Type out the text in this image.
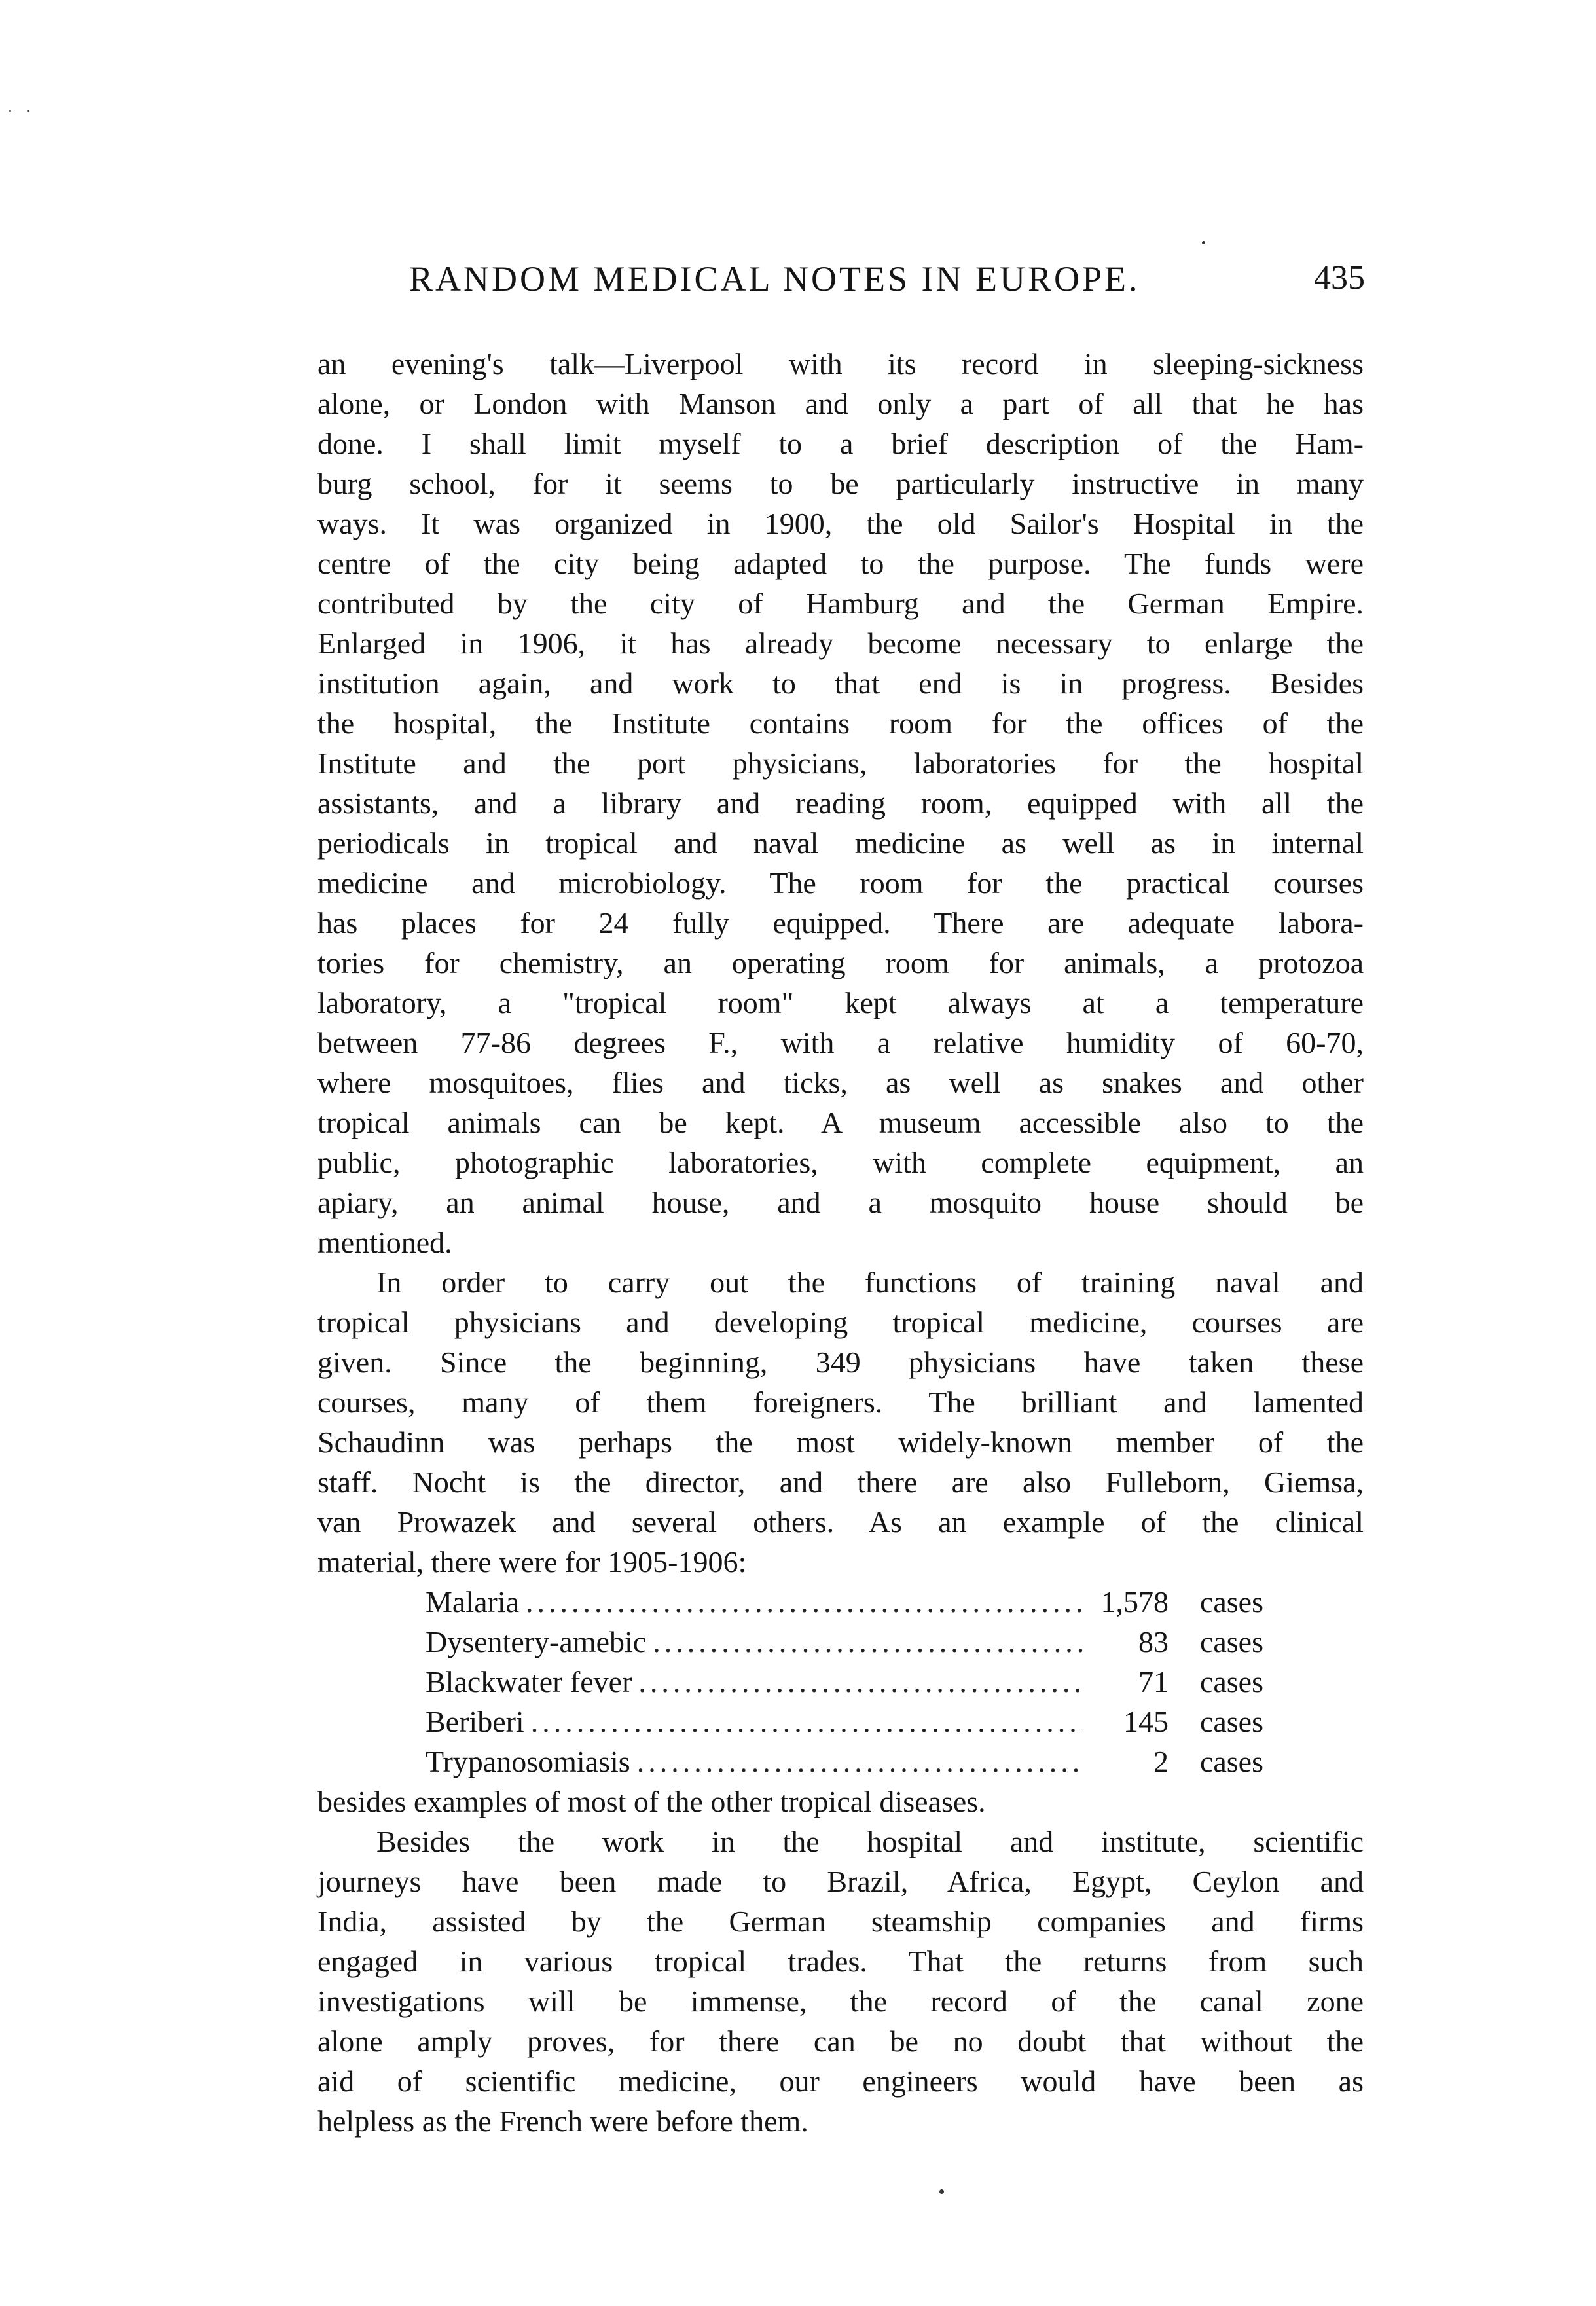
RANDOM MEDICAL NOTES IN EUROPE.	435
an evening's talk—Liverpool with its record in sleeping-sickness
alone, or London with Manson and only a part of all that he has
done. I shall limit myself to a brief description of the Ham-
burg school, for it seems to be particularly instructive in many
ways. It was organized in 1900, the old Sailor's Hospital in the
centre of the city being adapted to the purpose. The funds were
contributed by the city of Hamburg and the German Empire.
Enlarged in 1906, it has already become necessary to enlarge the
institution again, and work to that end is in progress. Besides
the hospital, the Institute contains room for the offices of the
Institute and the port physicians, laboratories for the hospital
assistants, and a library and reading room, equipped with all the
periodicals in tropical and naval medicine as well as in internal
medicine and microbiology. The room for the practical courses
has places for 24 fully equipped. There are adequate labora-
tories for chemistry, an operating room for animals, a protozoa
laboratory, a "tropical room" kept always at a temperature
between 77-86 degrees F., with a relative humidity of 60-70,
where mosquitoes, flies and ticks, as well as snakes and other
tropical animals can be kept. A museum accessible also to the
public, photographic laboratories, with complete equipment, an
apiary, an animal house, and a mosquito house should be
mentioned.
In order to carry out the functions of training naval and
tropical physicians and developing tropical medicine, courses are
given. Since the beginning, 349 physicians have taken these
courses, many of them foreigners. The brilliant and lamented
Schaudinn was perhaps the most widely-known member of the
staff. Nocht is the director, and there are also Fulleborn, Giemsa,
van Prowazek and several others. As an example of the clinical
material, there were for 1905-1906:
Malaria .....	1,578	cases
Dysentery-amebic .....	83	cases
Blackwater fever .....	71	cases
Beriberi .....	145	cases
Trypanosomiasis .....	2	cases
besides examples of most of the other tropical diseases.
Besides the work in the hospital and institute, scientific
journeys have been made to Brazil, Africa, Egypt, Ceylon and
India, assisted by the German steamship companies and firms
engaged in various tropical trades. That the returns from such
investigations will be immense, the record of the canal zone
alone amply proves, for there can be no doubt that without the
aid of scientific medicine, our engineers would have been as
helpless as the French were before them.
